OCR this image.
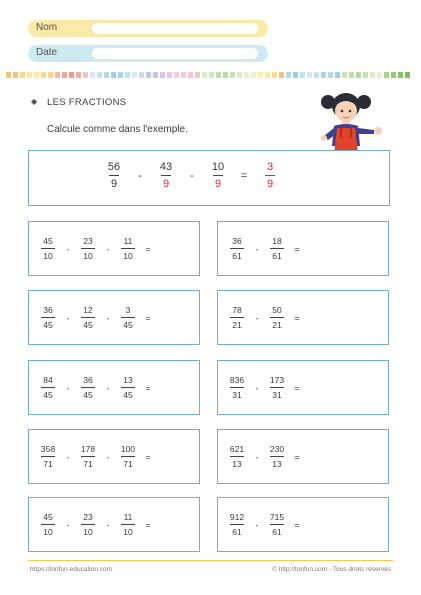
Nom
Date
◆ LES FRACTIONS
Calcule comme dans l'exemple.
$\frac{56}{9} - \frac{43}{9} - \frac{10}{9} = \frac{3}{9}$
$\frac{45}{10} - \frac{23}{10} - \frac{11}{10}$ =	$\frac{36}{61} - \frac{18}{61}$ =
$\frac{36}{45} - \frac{12}{45} - \frac{3}{45}$ =	$\frac{78}{21} - \frac{50}{21}$ =
$\frac{84}{45} - \frac{36}{45} - \frac{13}{45}$ =	$\frac{836}{31} - \frac{173}{31}$ =
$\frac{358}{71} - \frac{178}{71} - \frac{100}{71}$ =	$\frac{621}{13} - \frac{230}{13}$ =
$\frac{45}{10} - \frac{23}{10} - \frac{11}{10}$ =	$\frac{912}{61} - \frac{715}{61}$ =
https://tonfun-education.com	© http://tonfun.com - Tous droits réservés
